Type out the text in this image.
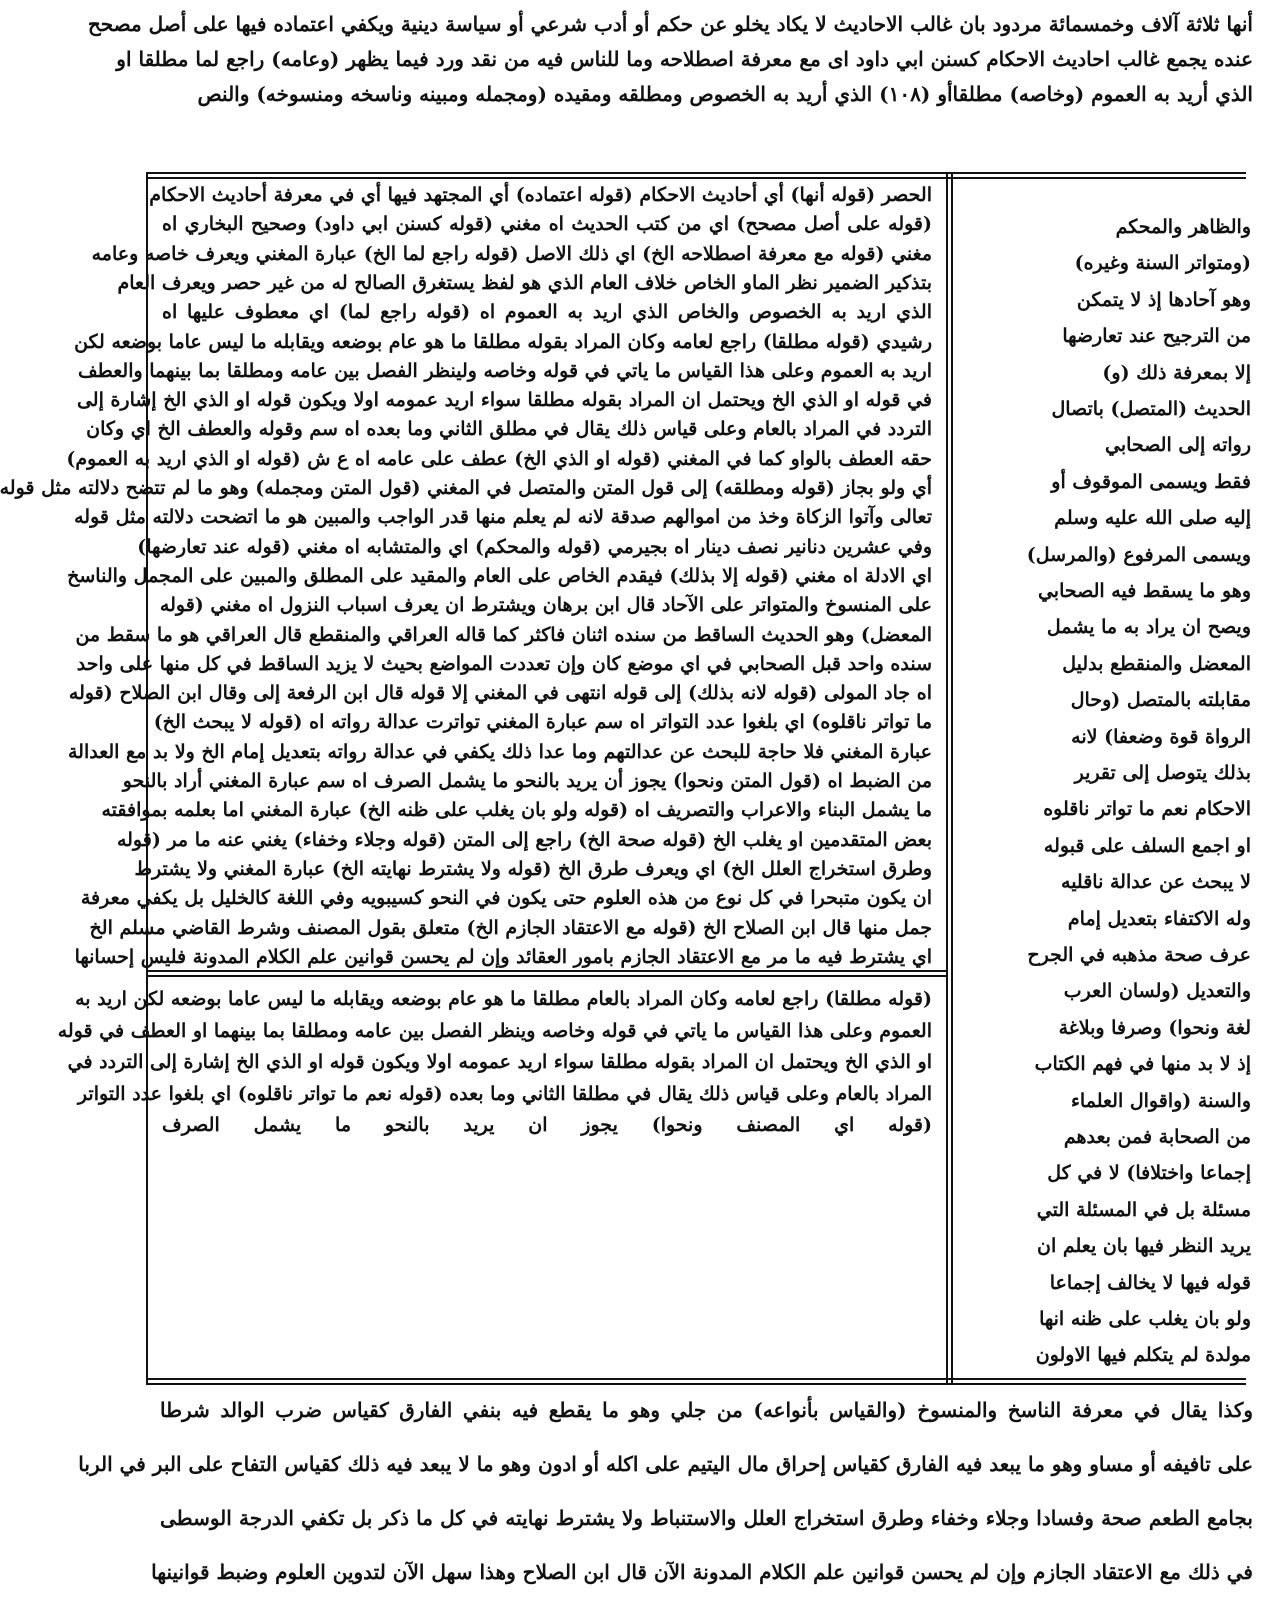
أنها ثلاثة آلاف وخمسمائة مردود بان غالب الاحاديث لا يكاد يخلو عن حكم أو أدب شرعي أو سياسة دينية ويكفي اعتماده فيها على أصل مصحح
عنده يجمع غالب احاديث الاحكام كسنن ابي داود اى مع معرفة اصطلاحه وما للناس فيه من نقد ورد فيما يظهر (وعامه) راجع لما مطلقا او
الذي أريد به العموم (وخاصه) مطلقاأو (١٠٨) الذي أريد به الخصوص ومطلقه ومقيده (ومجمله ومبينه وناسخه ومنسوخه) والنص
والظاهر والمحكم
(ومتواتر السنة وغيره)
وهو آحادها إذ لا يتمكن
من الترجيح عند تعارضها
إلا بمعرفة ذلك (و)
الحديث (المتصل) باتصال
رواته إلى الصحابي
فقط ويسمى الموقوف أو
إليه صلى الله عليه وسلم
ويسمى المرفوع (والمرسل)
وهو ما يسقط فيه الصحابي
ويصح ان يراد به ما يشمل
المعضل والمنقطع بدليل
مقابلته بالمتصل (وحال
الرواة قوة وضعفا) لانه
بذلك يتوصل إلى تقرير
الاحكام نعم ما تواتر ناقلوه
او اجمع السلف على قبوله
لا يبحث عن عدالة ناقليه
وله الاكتفاء بتعديل إمام
عرف صحة مذهبه في الجرح
والتعديل (ولسان العرب
لغة ونحوا) وصرفا وبلاغة
إذ لا بد منها في فهم الكتاب
والسنة (واقوال العلماء
من الصحابة فمن بعدهم
إجماعا واختلافا) لا في كل
مسئلة بل في المسئلة التي
يريد النظر فيها بان يعلم ان
قوله فيها لا يخالف إجماعا
ولو بان يغلب على ظنه انها
مولدة لم يتكلم فيها الاولون
الحصر (قوله أنها) أي أحاديث الاحكام (قوله اعتماده) أي المجتهد فيها أي في معرفة أحاديث الاحكام
(قوله على أصل مصحح) اي من كتب الحديث اه مغني (قوله كسنن ابي داود) وصحيح البخاري اه
مغني (قوله مع معرفة اصطلاحه الخ) اي ذلك الاصل (قوله راجع لما الخ) عبارة المغني ويعرف خاصه وعامه
بتذكير الضمير نظر الماو الخاص خلاف العام الذي هو لفظ يستغرق الصالح له من غير حصر ويعرف العام
الذي اريد به الخصوص والخاص الذي اريد به العموم اه (قوله راجع لما) اي معطوف عليها اه
رشيدي (قوله مطلقا) راجع لعامه وكان المراد بقوله مطلقا ما هو عام بوضعه ويقابله ما ليس عاما بوضعه لكن
اريد به العموم وعلى هذا القياس ما ياتي في قوله وخاصه ولينظر الفصل بين عامه ومطلقا بما بينهما والعطف
في قوله او الذي الخ ويحتمل ان المراد بقوله مطلقا سواء اريد عمومه اولا ويكون قوله او الذي الخ إشارة إلى
التردد في المراد بالعام وعلى قياس ذلك يقال في مطلق الثاني وما بعده اه سم وقوله والعطف الخ اي وكان
حقه العطف بالواو كما في المغني (قوله او الذي الخ) عطف على عامه اه ع ش (قوله او الذي اريد به العموم)
أي ولو بجاز (قوله ومطلقه) إلى قول المتن والمتصل في المغني (قول المتن ومجمله) وهو ما لم تتضح دلالته مثل قوله
تعالى وآتوا الزكاة وخذ من اموالهم صدقة لانه لم يعلم منها قدر الواجب والمبين هو ما اتضحت دلالته مثل قوله
وفي عشرين دنانير نصف دينار اه بجيرمي (قوله والمحكم) اي والمتشابه اه مغني (قوله عند تعارضها)
اي الادلة اه مغني (قوله إلا بذلك) فيقدم الخاص على العام والمقيد على المطلق والمبين على المجمل والناسخ
على المنسوخ والمتواتر على الآحاد قال ابن برهان ويشترط ان يعرف اسباب النزول اه مغني (قوله
المعضل) وهو الحديث الساقط من سنده اثنان فاكثر كما قاله العراقي والمنقطع قال العراقي هو ما سقط من
سنده واحد قبل الصحابي في اي موضع كان وإن تعددت المواضع بحيث لا يزيد الساقط في كل منها على واحد
اه جاد المولى (قوله لانه بذلك) إلى قوله انتهى في المغني إلا قوله قال ابن الرفعة إلى وقال ابن الصلاح (قوله
ما تواتر ناقلوه) اي بلغوا عدد التواتر اه سم عبارة المغني تواترت عدالة رواته اه (قوله لا يبحث الخ)
عبارة المغني فلا حاجة للبحث عن عدالتهم وما عدا ذلك يكفي في عدالة رواته بتعديل إمام الخ ولا بد مع العدالة
من الضبط اه (قول المتن ونحوا) يجوز أن يريد بالنحو ما يشمل الصرف اه سم عبارة المغني أراد بالنحو
ما يشمل البناء والاعراب والتصريف اه (قوله ولو بان يغلب على ظنه الخ) عبارة المغني اما بعلمه بموافقته
بعض المتقدمين او يغلب الخ (قوله صحة الخ) راجع إلى المتن (قوله وجلاء وخفاء) يغني عنه ما مر (قوله
وطرق استخراج العلل الخ) اي ويعرف طرق الخ (قوله ولا يشترط نهايته الخ) عبارة المغني ولا يشترط
ان يكون متبحرا في كل نوع من هذه العلوم حتى يكون في النحو كسيبويه وفي اللغة كالخليل بل يكفي معرفة
جمل منها قال ابن الصلاح الخ (قوله مع الاعتقاد الجازم الخ) متعلق بقول المصنف وشرط القاضي مسلم الخ
اي يشترط فيه ما مر مع الاعتقاد الجازم بامور العقائد وإن لم يحسن قوانين علم الكلام المدونة فليس إحسانها
(قوله مطلقا) راجع لعامه وكان المراد بالعام مطلقا ما هو عام بوضعه ويقابله ما ليس عاما بوضعه لكن اريد به
العموم وعلى هذا القياس ما ياتي في قوله وخاصه وينظر الفصل بين عامه ومطلقا بما بينهما او العطف في قوله
او الذي الخ ويحتمل ان المراد بقوله مطلقا سواء اريد عمومه اولا ويكون قوله او الذي الخ إشارة إلى التردد في
المراد بالعام وعلى قياس ذلك يقال في مطلقا الثاني وما بعده (قوله نعم ما تواتر ناقلوه) اي بلغوا عدد التواتر
(قوله اي المصنف ونحوا) يجوز ان يريد بالنحو ما يشمل الصرف
وكذا يقال في معرفة الناسخ والمنسوخ (والقياس بأنواعه) من جلي وهو ما يقطع فيه بنفي الفارق كقياس ضرب الوالد شرطا
على تافيفه أو مساو وهو ما يبعد فيه الفارق كقياس إحراق مال اليتيم على اكله أو ادون وهو ما لا يبعد فيه ذلك كقياس التفاح على البر في الربا
بجامع الطعم صحة وفسادا وجلاء وخفاء وطرق استخراج العلل والاستنباط ولا يشترط نهايته في كل ما ذكر بل تكفي الدرجة الوسطى
في ذلك مع الاعتقاد الجازم وإن لم يحسن قوانين علم الكلام المدونة الآن قال ابن الصلاح وهذا سهل الآن لتدوين العلوم وضبط قوانينها
